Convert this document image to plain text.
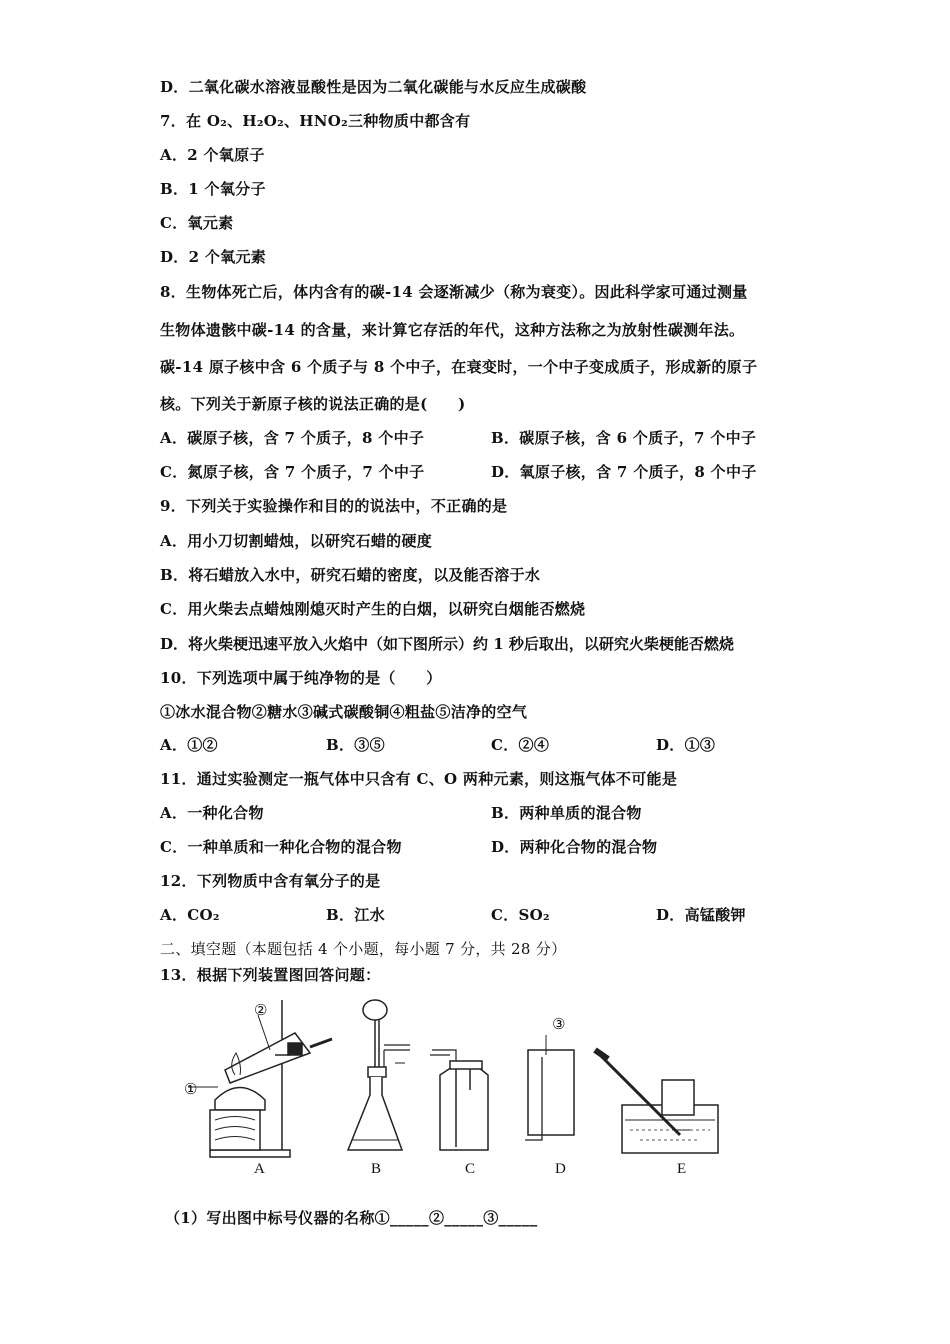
D．二氧化碳水溶液显酸性是因为二氧化碳能与水反应生成碳酸
7．在 O₂、H₂O₂、HNO₂三种物质中都含有
A．2 个氧原子
B．1 个氧分子
C．氧元素
D．2 个氧元素
8．生物体死亡后，体内含有的碳-14 会逐渐减少（称为衰变）。因此科学家可通过测量
生物体遗骸中碳-14 的含量，来计算它存活的年代，这种方法称之为放射性碳测年法。
碳-14 原子核中含 6 个质子与 8 个中子，在衰变时，一个中子变成质子，形成新的原子
核。下列关于新原子核的说法正确的是(　　)
A．碳原子核，含 7 个质子，8 个中子	B．碳原子核，含 6 个质子，7 个中子
C．氮原子核，含 7 个质子，7 个中子	D．氧原子核，含 7 个质子，8 个中子
9．下列关于实验操作和目的的说法中，不正确的是
A．用小刀切割蜡烛，以研究石蜡的硬度
B．将石蜡放入水中，研究石蜡的密度，以及能否溶于水
C．用火柴去点蜡烛刚熄灭时产生的白烟，以研究白烟能否燃烧
D．将火柴梗迅速平放入火焰中（如下图所示）约 1 秒后取出，以研究火柴梗能否燃烧
10．下列选项中属于纯净物的是（　　）
①冰水混合物②糖水③碱式碳酸铜④粗盐⑤洁净的空气
A．①②	B．③⑤	C．②④	D．①③
11．通过实验测定一瓶气体中只含有 C、O 两种元素，则这瓶气体不可能是
A．一种化合物	B．两种单质的混合物
C．一种单质和一种化合物的混合物	D．两种化合物的混合物
12．下列物质中含有氧分子的是
A．CO₂	B．江水	C．SO₂	D．高锰酸钾
二、填空题（本题包括 4 个小题，每小题 7 分，共 28 分）
13．根据下列装置图回答问题：
①
②
③
A	B	C	D	E
（1）写出图中标号仪器的名称①_____②_____③_____
